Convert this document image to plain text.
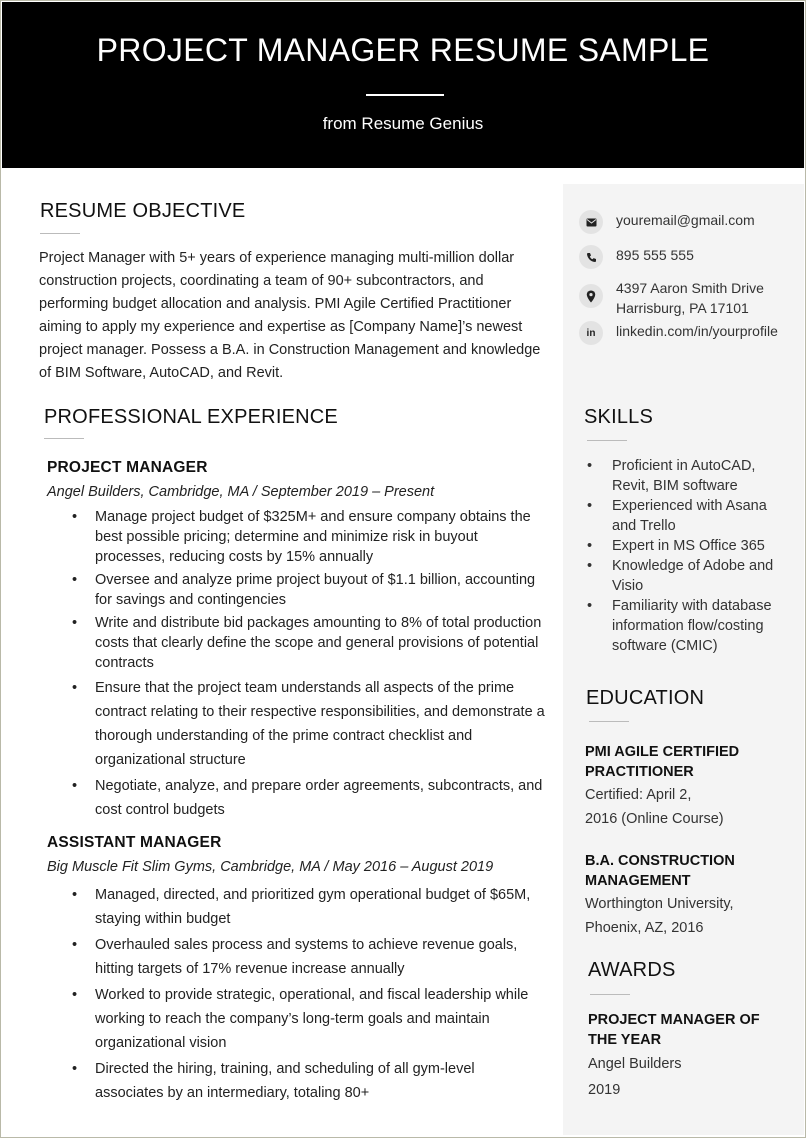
PROJECT MANAGER RESUME SAMPLE
from Resume Genius
RESUME OBJECTIVE
Project Manager with 5+ years of experience managing multi-million dollar construction projects, coordinating a team of 90+ subcontractors, and performing budget allocation and analysis. PMI Agile Certified Practitioner aiming to apply my experience and expertise as [Company Name]’s newest project manager. Possess a B.A. in Construction Management and knowledge of BIM Software, AutoCAD, and Revit.
PROFESSIONAL EXPERIENCE
PROJECT MANAGER
Angel Builders, Cambridge, MA / September 2019 – Present
• Manage project budget of $325M+ and ensure company obtains the best possible pricing; determine and minimize risk in buyout processes, reducing costs by 15% annually
• Oversee and analyze prime project buyout of $1.1 billion, accounting for savings and contingencies
• Write and distribute bid packages amounting to 8% of total production costs that clearly define the scope and general provisions of potential contracts
• Ensure that the project team understands all aspects of the prime contract relating to their respective responsibilities, and demonstrate a thorough understanding of the prime contract checklist and organizational structure
• Negotiate, analyze, and prepare order agreements, subcontracts, and cost control budgets
ASSISTANT MANAGER
Big Muscle Fit Slim Gyms, Cambridge, MA / May 2016 – August 2019
• Managed, directed, and prioritized gym operational budget of $65M, staying within budget
• Overhauled sales process and systems to achieve revenue goals, hitting targets of 17% revenue increase annually
• Worked to provide strategic, operational, and fiscal leadership while working to reach the company’s long-term goals and maintain organizational vision
• Directed the hiring, training, and scheduling of all gym-level associates by an intermediary, totaling 80+
youremail@gmail.com
895 555 555
4397 Aaron Smith Drive
Harrisburg, PA 17101
in	linkedin.com/in/yourprofile
SKILLS
• Proficient in AutoCAD, Revit, BIM software
• Experienced with Asana and Trello
• Expert in MS Office 365
• Knowledge of Adobe and Visio
• Familiarity with database information flow/costing software (CMIC)
EDUCATION
PMI AGILE CERTIFIED PRACTITIONER
Certified: April 2,
2016 (Online Course)
B.A. CONSTRUCTION MANAGEMENT
Worthington University,
Phoenix, AZ, 2016
AWARDS
PROJECT MANAGER OF THE YEAR
Angel Builders
2019
